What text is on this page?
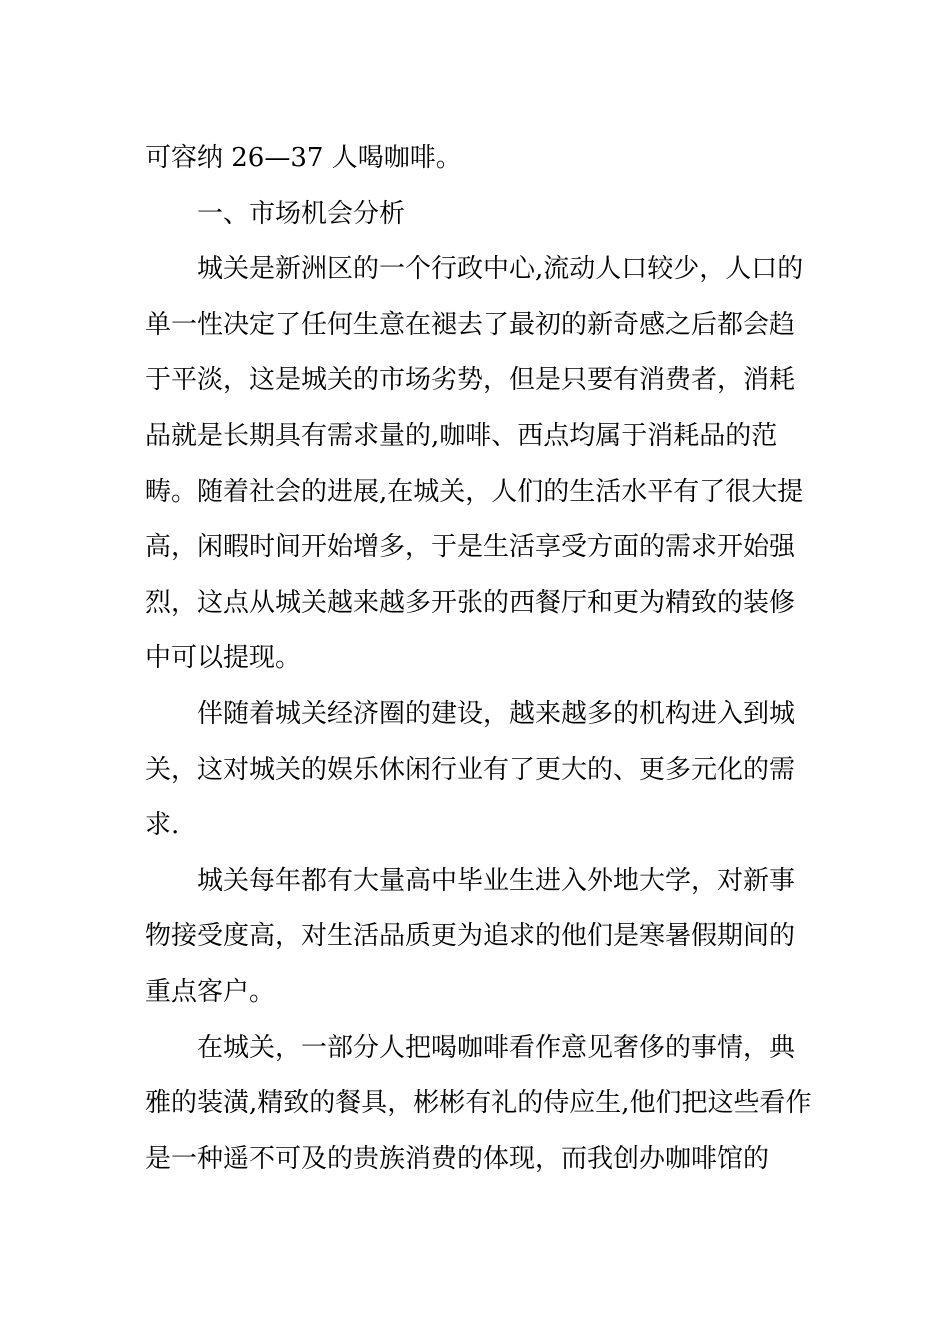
可容纳 26—37 人喝咖啡。

一、市场机会分析

城关是新洲区的一个行政中心,流动人口较少，人口的单一性决定了任何生意在褪去了最初的新奇感之后都会趋于平淡，这是城关的市场劣势，但是只要有消费者，消耗品就是长期具有需求量的,咖啡、西点均属于消耗品的范畴。随着社会的进展,在城关，人们的生活水平有了很大提高，闲暇时间开始增多，于是生活享受方面的需求开始强烈，这点从城关越来越多开张的西餐厅和更为精致的装修中可以提现。

伴随着城关经济圈的建设，越来越多的机构进入到城关，这对城关的娱乐休闲行业有了更大的、更多元化的需求.

城关每年都有大量高中毕业生进入外地大学，对新事物接受度高，对生活品质更为追求的他们是寒暑假期间的重点客户。

在城关，一部分人把喝咖啡看作意见奢侈的事情，典雅的装潢,精致的餐具，彬彬有礼的侍应生,他们把这些看作是一种遥不可及的贵族消费的体现，而我创办咖啡馆的
